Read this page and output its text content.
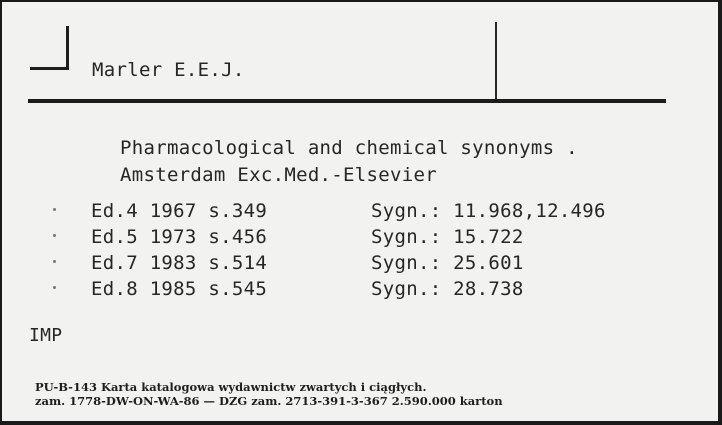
Marler E.E.J.
Pharmacological and chemical synonyms .
Amsterdam Exc.Med.-Elsevier
Ed.4 1967 s.349	Sygn.: 11.968,12.496
Ed.5 1973 s.456	Sygn.: 15.722
Ed.7 1983 s.514	Sygn.: 25.601
Ed.8 1985 s.545	Sygn.: 28.738
IMP
PU-B-143 Karta katalogowa wydawnictw zwartych i ciągłych.
zam. 1778-DW-ON-WA-86 — DZG zam. 2713-391-3-367 2.590.000 karton
